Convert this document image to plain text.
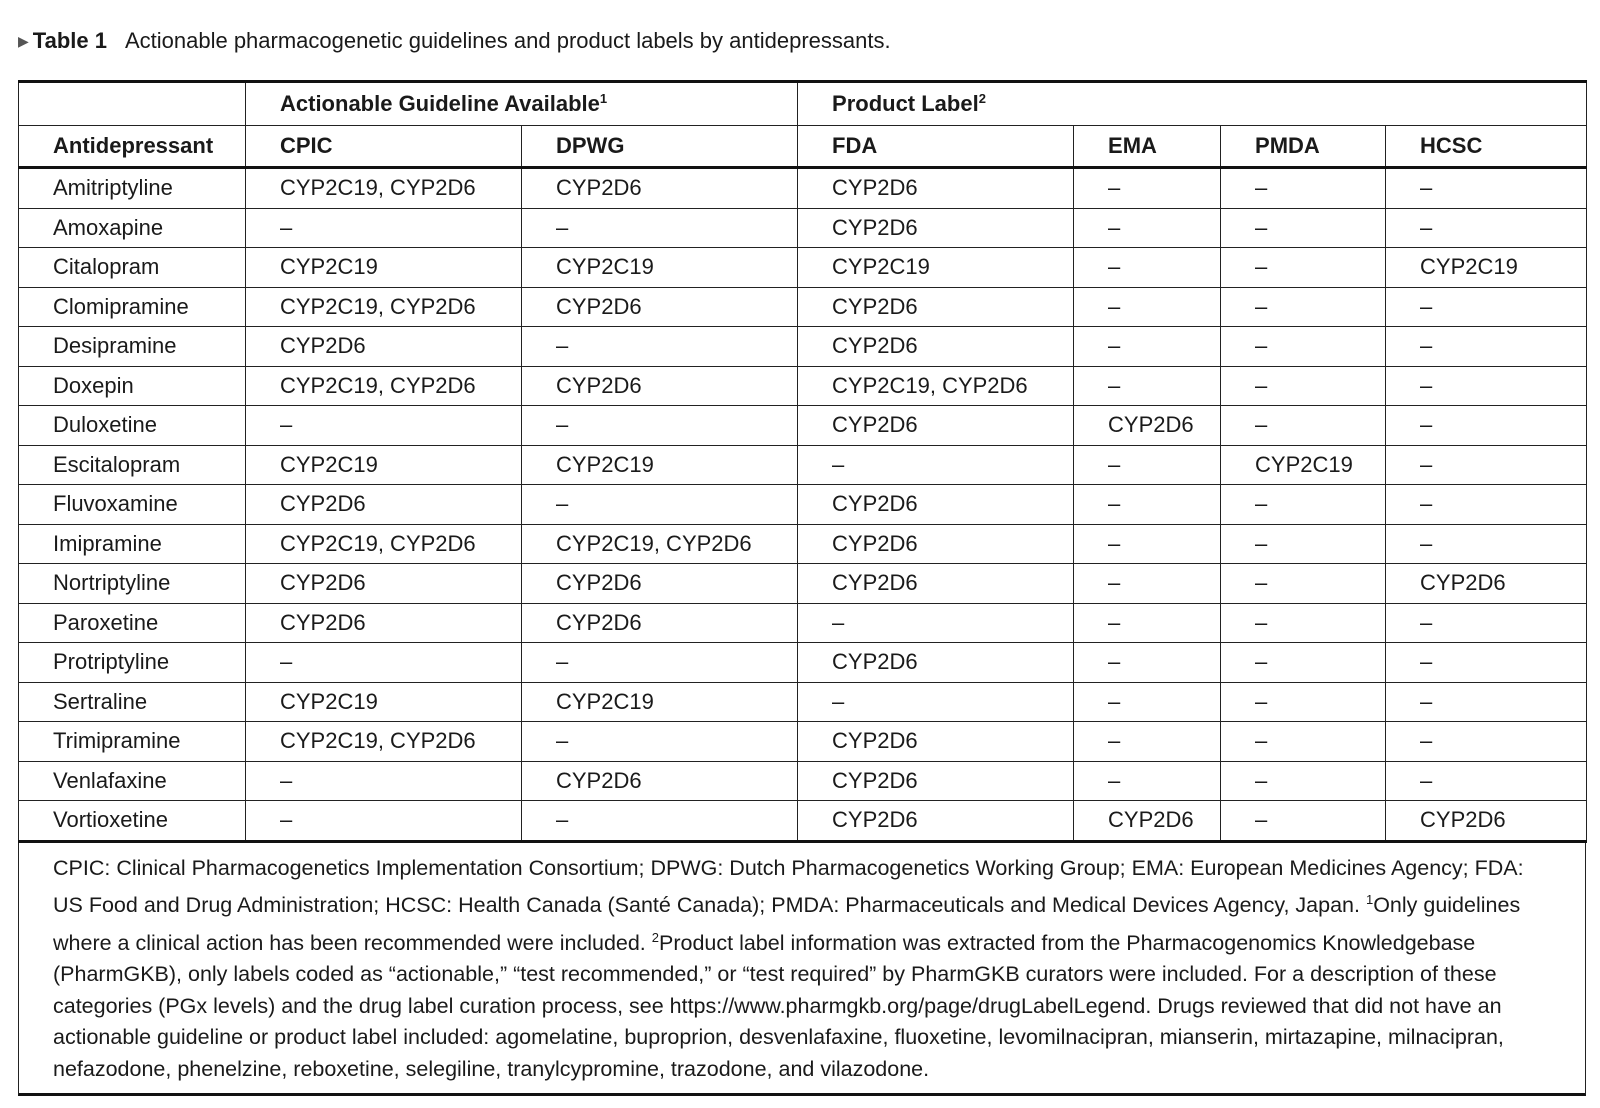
▶ Table 1 Actionable pharmacogenetic guidelines and product labels by antidepressants.
	Actionable Guideline Available$^1$		Product Label$^2$
Antidepressant	CPIC	DPWG	FDA	EMA	PMDA	HCSC
Amitriptyline	CYP2C19, CYP2D6	CYP2D6	CYP2D6	–	–	–
Amoxapine	–	–	CYP2D6	–	–	–
Citalopram	CYP2C19	CYP2C19	CYP2C19	–	–	CYP2C19
Clomipramine	CYP2C19, CYP2D6	CYP2D6	CYP2D6	–	–	–
Desipramine	CYP2D6	–	CYP2D6	–	–	–
Doxepin	CYP2C19, CYP2D6	CYP2D6	CYP2C19, CYP2D6	–	–	–
Duloxetine	–	–	CYP2D6	CYP2D6	–	–
Escitalopram	CYP2C19	CYP2C19	–	–	CYP2C19	–
Fluvoxamine	CYP2D6	–	CYP2D6	–	–	–
Imipramine	CYP2C19, CYP2D6	CYP2C19, CYP2D6	CYP2D6	–	–	–
Nortriptyline	CYP2D6	CYP2D6	CYP2D6	–	–	CYP2D6
Paroxetine	CYP2D6	CYP2D6	–	–	–	–
Protriptyline	–	–	CYP2D6	–	–	–
Sertraline	CYP2C19	CYP2C19	–	–	–	–
Trimipramine	CYP2C19, CYP2D6	–	CYP2D6	–	–	–
Venlafaxine	–	CYP2D6	CYP2D6	–	–	–
Vortioxetine	–	–	CYP2D6	CYP2D6	–	CYP2D6
CPIC: Clinical Pharmacogenetics Implementation Consortium; DPWG: Dutch Pharmacogenetics Working Group; EMA: European Medicines Agency; FDA: US Food and Drug Administration; HCSC: Health Canada (Santé Canada); PMDA: Pharmaceuticals and Medical Devices Agency, Japan. $^1$Only guidelines where a clinical action has been recommended were included. $^2$Product label information was extracted from the Pharmacogenomics Knowledgebase (PharmGKB), only labels coded as “actionable,” “test recommended,” or “test required” by PharmGKB curators were included. For a description of these categories (PGx levels) and the drug label curation process, see https://www.pharmgkb.org/page/drugLabelLegend. Drugs reviewed that did not have an actionable guideline or product label included: agomelatine, buproprion, desvenlafaxine, fluoxetine, levomilnacipran, mianserin, mirtazapine, milnacipran, nefazodone, phenelzine, reboxetine, selegiline, tranylcypromine, trazodone, and vilazodone.
